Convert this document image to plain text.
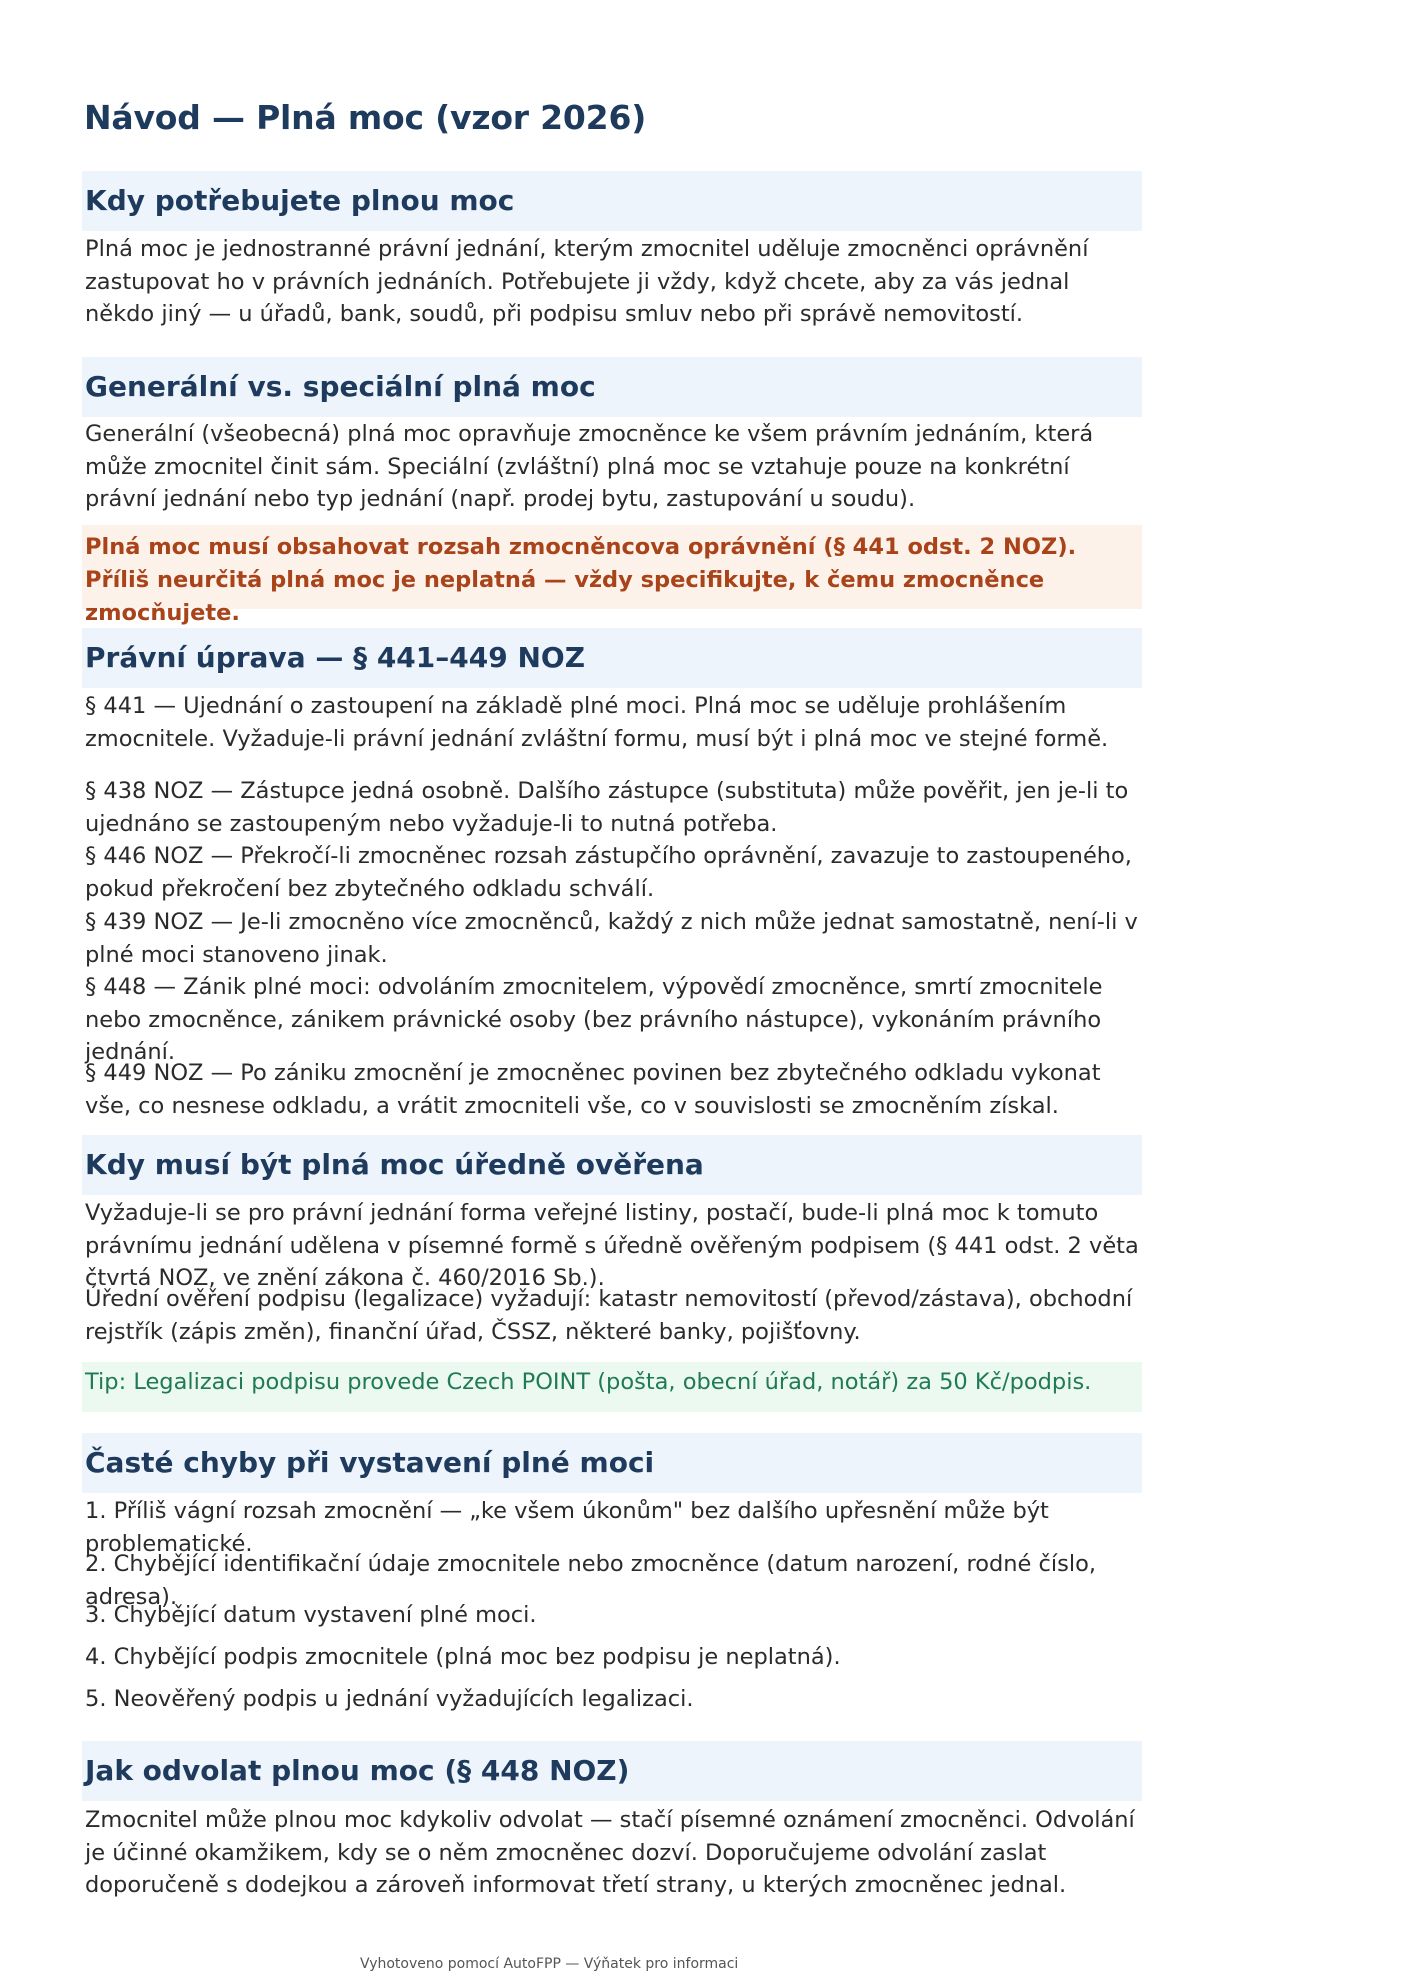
Návod — Plná moc (vzor 2026)
Kdy potřebujete plnou moc

Plná moc je jednostranné právní jednání, kterým zmocnitel uděluje zmocněnci oprávnění zastupovat ho v právních jednáních. Potřebujete ji vždy, když chcete, aby za vás jednal někdo jiný — u úřadů, bank, soudů, při podpisu smluv nebo při správě nemovitostí.

Generální vs. speciální plná moc

Generální (všeobecná) plná moc opravňuje zmocněnce ke všem právním jednáním, která může zmocnitel činit sám. Speciální (zvláštní) plná moc se vztahuje pouze na konkrétní právní jednání nebo typ jednání (např. prodej bytu, zastupování u soudu).

Plná moc musí obsahovat rozsah zmocněncova oprávnění (§ 441 odst. 2 NOZ). Příliš neurčitá plná moc je neplatná — vždy specifikujte, k čemu zmocněnce zmocňujete.

Právní úprava — § 441–449 NOZ

§ 441 — Ujednání o zastoupení na základě plné moci. Plná moc se uděluje prohlášením zmocnitele. Vyžaduje-li právní jednání zvláštní formu, musí být i plná moc ve stejné formě.

§ 438 NOZ — Zástupce jedná osobně. Dalšího zástupce (substituta) může pověřit, jen je-li to ujednáno se zastoupeným nebo vyžaduje-li to nutná potřeba.

§ 446 NOZ — Překročí-li zmocněnec rozsah zástupčího oprávnění, zavazuje to zastoupeného, pokud překročení bez zbytečného odkladu schválí.

§ 439 NOZ — Je-li zmocněno více zmocněnců, každý z nich může jednat samostatně, není-li v plné moci stanoveno jinak.

§ 448 — Zánik plné moci: odvoláním zmocnitelem, výpovědí zmocněnce, smrtí zmocnitele nebo zmocněnce, zánikem právnické osoby (bez právního nástupce), vykonáním právního jednání.

§ 449 NOZ — Po zániku zmocnění je zmocněnec povinen bez zbytečného odkladu vykonat vše, co nesnese odkladu, a vrátit zmocniteli vše, co v souvislosti se zmocněním získal.

Kdy musí být plná moc úředně ověřena

Vyžaduje-li se pro právní jednání forma veřejné listiny, postačí, bude-li plná moc k tomuto právnímu jednání udělena v písemné formě s úředně ověřeným podpisem (§ 441 odst. 2 věta čtvrtá NOZ, ve znění zákona č. 460/2016 Sb.).

Úřední ověření podpisu (legalizace) vyžadují: katastr nemovitostí (převod/zástava), obchodní rejstřík (zápis změn), finanční úřad, ČSSZ, některé banky, pojišťovny.

Tip: Legalizaci podpisu provede Czech POINT (pošta, obecní úřad, notář) za 50 Kč/podpis.

Časté chyby při vystavení plné moci

1. Příliš vágní rozsah zmocnění — „ke všem úkonům" bez dalšího upřesnění může být problematické.

2. Chybějící identifikační údaje zmocnitele nebo zmocněnce (datum narození, rodné číslo, adresa).

3. Chybějící datum vystavení plné moci.

4. Chybějící podpis zmocnitele (plná moc bez podpisu je neplatná).

5. Neověřený podpis u jednání vyžadujících legalizaci.

Jak odvolat plnou moc (§ 448 NOZ)

Zmocnitel může plnou moc kdykoliv odvolat — stačí písemné oznámení zmocněnci. Odvolání je účinné okamžikem, kdy se o něm zmocněnec dozví. Doporučujeme odvolání zaslat doporučeně s dodejkou a zároveň informovat třetí strany, u kterých zmocněnec jednal.

Vyhotoveno pomocí AutoFPP — Výňatek pro informaci
